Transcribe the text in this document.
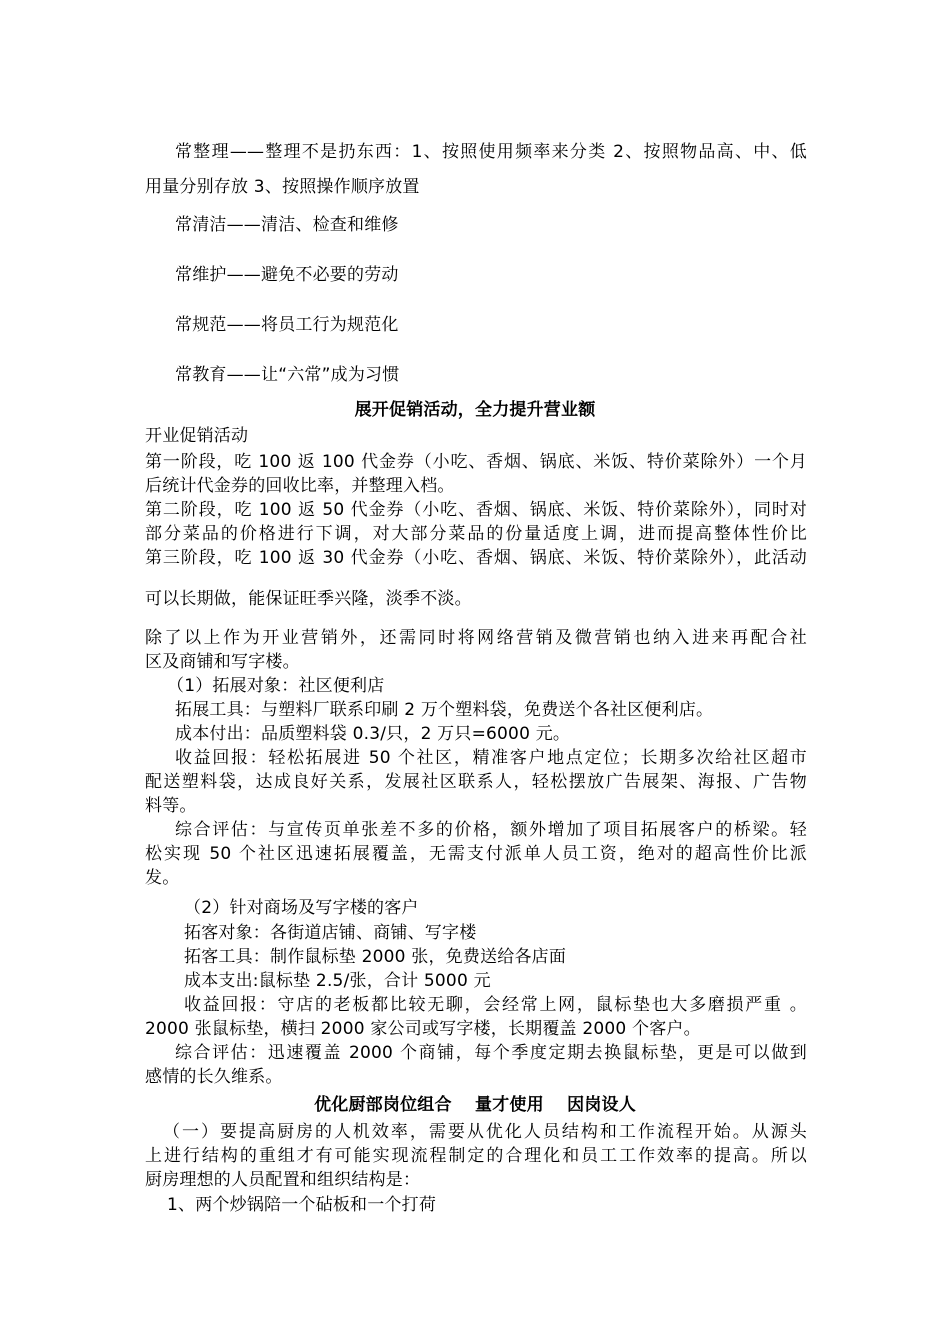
常整理——整理不是扔东西：1、按照使用频率来分类 2、按照物品高、中、低
用量分别存放 3、按照操作顺序放置
常清洁——清洁、检查和维修
常维护——避免不必要的劳动
常规范——将员工行为规范化
常教育——让“六常”成为习惯
展开促销活动，全力提升营业额
开业促销活动
第一阶段，吃 100 返 100 代金券（小吃、香烟、锅底、米饭、特价菜除外）一个月
后统计代金券的回收比率，并整理入档。
第二阶段，吃 100 返 50 代金券（小吃、香烟、锅底、米饭、特价菜除外），同时对
部分菜品的价格进行下调，对大部分菜品的份量适度上调，进而提高整体性价比
第三阶段，吃 100 返 30 代金券（小吃、香烟、锅底、米饭、特价菜除外），此活动
可以长期做，能保证旺季兴隆，淡季不淡。
除了以上作为开业营销外，还需同时将网络营销及微营销也纳入进来再配合社
区及商铺和写字楼。
（1）拓展对象：社区便利店
拓展工具：与塑料厂联系印刷 2 万个塑料袋，免费送个各社区便利店。
成本付出：品质塑料袋 0.3/只，2 万只=6000 元。
收益回报：轻松拓展进 50 个社区，精准客户地点定位；长期多次给社区超市
配送塑料袋，达成良好关系，发展社区联系人，轻松摆放广告展架、海报、广告物
料等。
综合评估：与宣传页单张差不多的价格，额外增加了项目拓展客户的桥梁。轻
松实现 50 个社区迅速拓展覆盖，无需支付派单人员工资，绝对的超高性价比派
发。
（2）针对商场及写字楼的客户
拓客对象：各街道店铺、商铺、写字楼
拓客工具：制作鼠标垫 2000 张，免费送给各店面
成本支出:鼠标垫 2.5/张，合计 5000 元
收益回报：守店的老板都比较无聊，会经常上网，鼠标垫也大多磨损严重 。
2000 张鼠标垫，横扫 2000 家公司或写字楼，长期覆盖 2000 个客户。
综合评估：迅速覆盖 2000 个商铺，每个季度定期去换鼠标垫，更是可以做到
感情的长久维系。
优化厨部岗位组合　 量才使用　 因岗设人
（一）要提高厨房的人机效率，需要从优化人员结构和工作流程开始。从源头
上进行结构的重组才有可能实现流程制定的合理化和员工工作效率的提高。所以
厨房理想的人员配置和组织结构是：
1、两个炒锅陪一个砧板和一个打荷
